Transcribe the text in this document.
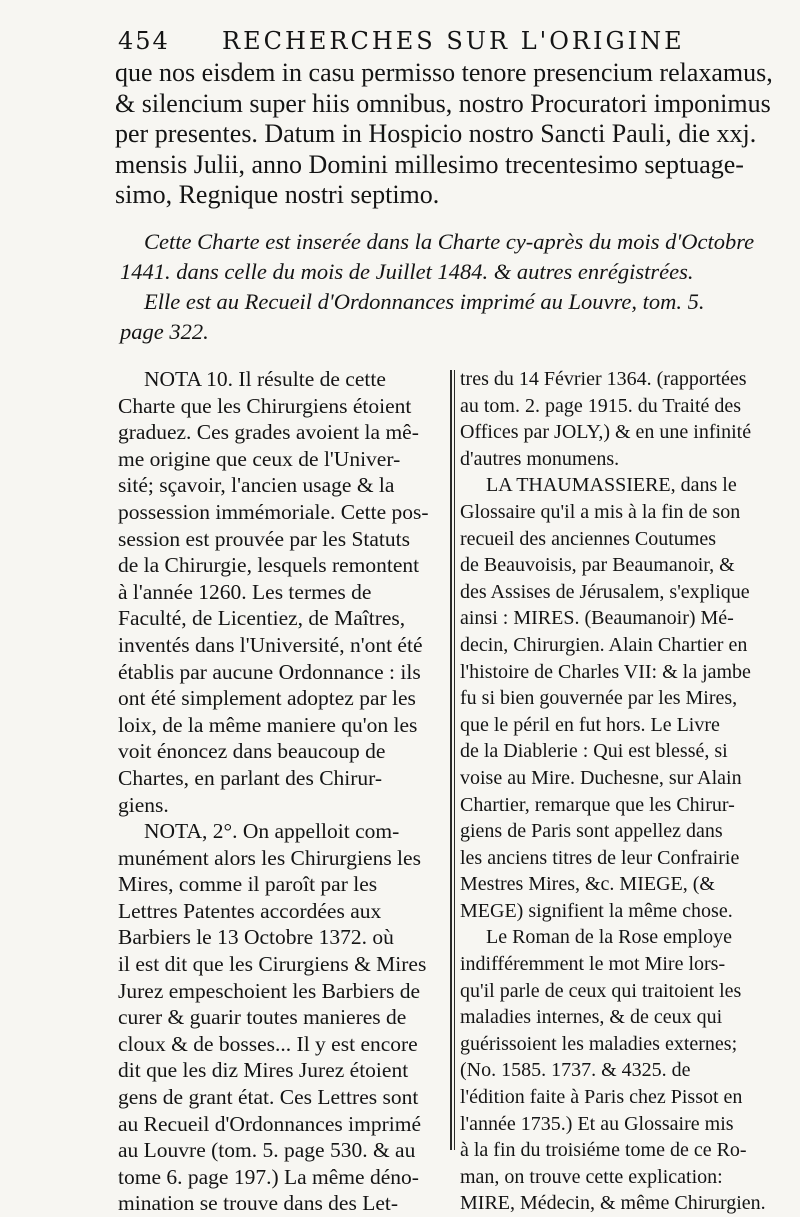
454 RECHERCHES SUR L'ORIGINE
que nos eisdem in casu permisso tenore presencium relaxamus,
& silencium super hiis omnibus, nostro Procuratori imponimus
per presentes. Datum in Hospicio nostro Sancti Pauli, die xxj.
mensis Julii, anno Domini millesimo trecentesimo septuage-
simo, Regnique nostri septimo.
Cette Charte est inserée dans la Charte cy-après du mois d'Octobre
1441. dans celle du mois de Juillet 1484. & autres enrégistrées.
Elle est au Recueil d'Ordonnances imprimé au Louvre, tom. 5.
page 322.
NOTA 10. Il résulte de cette
Charte que les Chirurgiens étoient
graduez. Ces grades avoient la mê-
me origine que ceux de l'Univer-
sité; sçavoir, l'ancien usage & la
possession immémoriale. Cette pos-
session est prouvée par les Statuts
de la Chirurgie, lesquels remontent
à l'année 1260. Les termes de
Faculté, de Licentiez, de Maîtres,
inventés dans l'Université, n'ont été
établis par aucune Ordonnance : ils
ont été simplement adoptez par les
loix, de la même maniere qu'on les
voit énoncez dans beaucoup de
Chartes, en parlant des Chirur-
giens.
NOTA, 2°. On appelloit com-
munément alors les Chirurgiens les
Mires, comme il paroît par les
Lettres Patentes accordées aux
Barbiers le 13 Octobre 1372. où
il est dit que les Cirurgiens & Mires
Jurez empeschoient les Barbiers de
curer & guarir toutes manieres de
cloux & de bosses... Il y est encore
dit que les diz Mires Jurez étoient
gens de grant état. Ces Lettres sont
au Recueil d'Ordonnances imprimé
au Louvre (tom. 5. page 530. & au
tome 6. page 197.) La même déno-
mination se trouve dans des Let-
tres du 14 Février 1364. (rapportées
au tom. 2. page 1915. du Traité des
Offices par JOLY,) & en une infinité
d'autres monumens.
LA THAUMASSIERE, dans le
Glossaire qu'il a mis à la fin de son
recueil des anciennes Coutumes
de Beauvoisis, par Beaumanoir, &
des Assises de Jérusalem, s'explique
ainsi : MIRES. (Beaumanoir) Mé-
decin, Chirurgien. Alain Chartier en
l'histoire de Charles VII: & la jambe
fu si bien gouvernée par les Mires,
que le péril en fut hors. Le Livre
de la Diablerie : Qui est blessé, si
voise au Mire. Duchesne, sur Alain
Chartier, remarque que les Chirur-
giens de Paris sont appellez dans
les anciens titres de leur Confrairie
Mestres Mires, &c. MIEGE, (&
MEGE) signifient la même chose.
Le Roman de la Rose employe
indifféremment le mot Mire lors-
qu'il parle de ceux qui traitoient les
maladies internes, & de ceux qui
guérissoient les maladies externes;
(No. 1585. 1737. & 4325. de
l'édition faite à Paris chez Pissot en
l'année 1735.) Et au Glossaire mis
à la fin du troisiéme tome de ce Ro-
man, on trouve cette explication:
MIRE, Médecin, & même Chirurgien.
